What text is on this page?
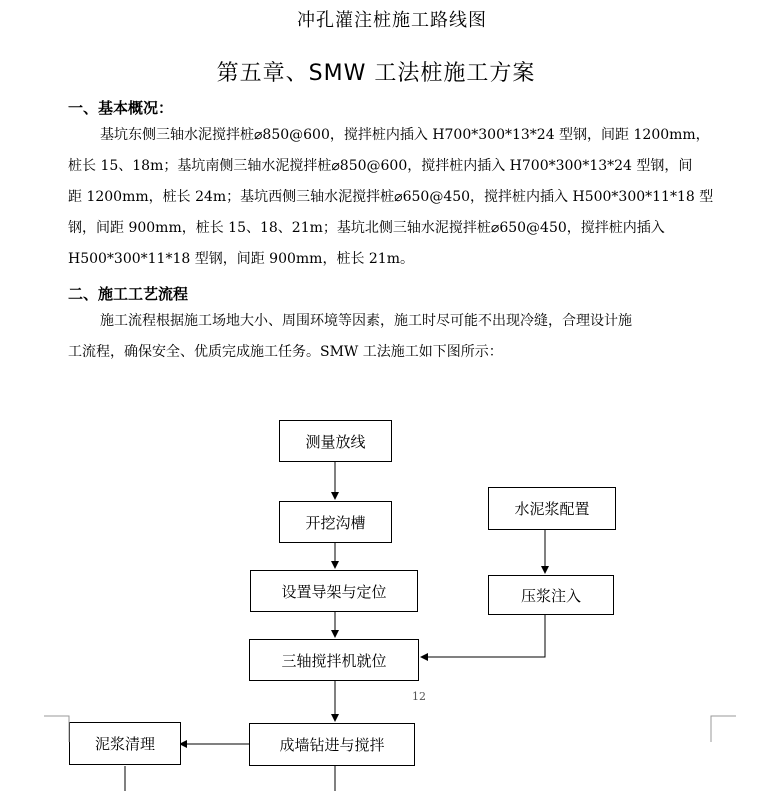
冲孔灌注桩施工路线图
第五章、SMW 工法桩施工方案
一、基本概况：
基坑东侧三轴水泥搅拌桩⌀850@600，搅拌桩内插入 H700*300*13*24 型钢，间距 1200mm，
桩长 15、18m；基坑南侧三轴水泥搅拌桩⌀850@600，搅拌桩内插入 H700*300*13*24 型钢，间
距 1200mm，桩长 24m；基坑西侧三轴水泥搅拌桩⌀650@450，搅拌桩内插入 H500*300*11*18 型
钢，间距 900mm，桩长 15、18、21m；基坑北侧三轴水泥搅拌桩⌀650@450，搅拌桩内插入
H500*300*11*18 型钢，间距 900mm，桩长 21m。
二、施工工艺流程
施工流程根据施工场地大小、周围环境等因素，施工时尽可能不出现冷缝，合理设计施
工流程，确保安全、优质完成施工任务。SMW 工法施工如下图所示：
测量放线
开挖沟槽
设置导架与定位
三轴搅拌机就位
成墙钻进与搅拌
水泥浆配置
压浆注入
泥浆清理
12
